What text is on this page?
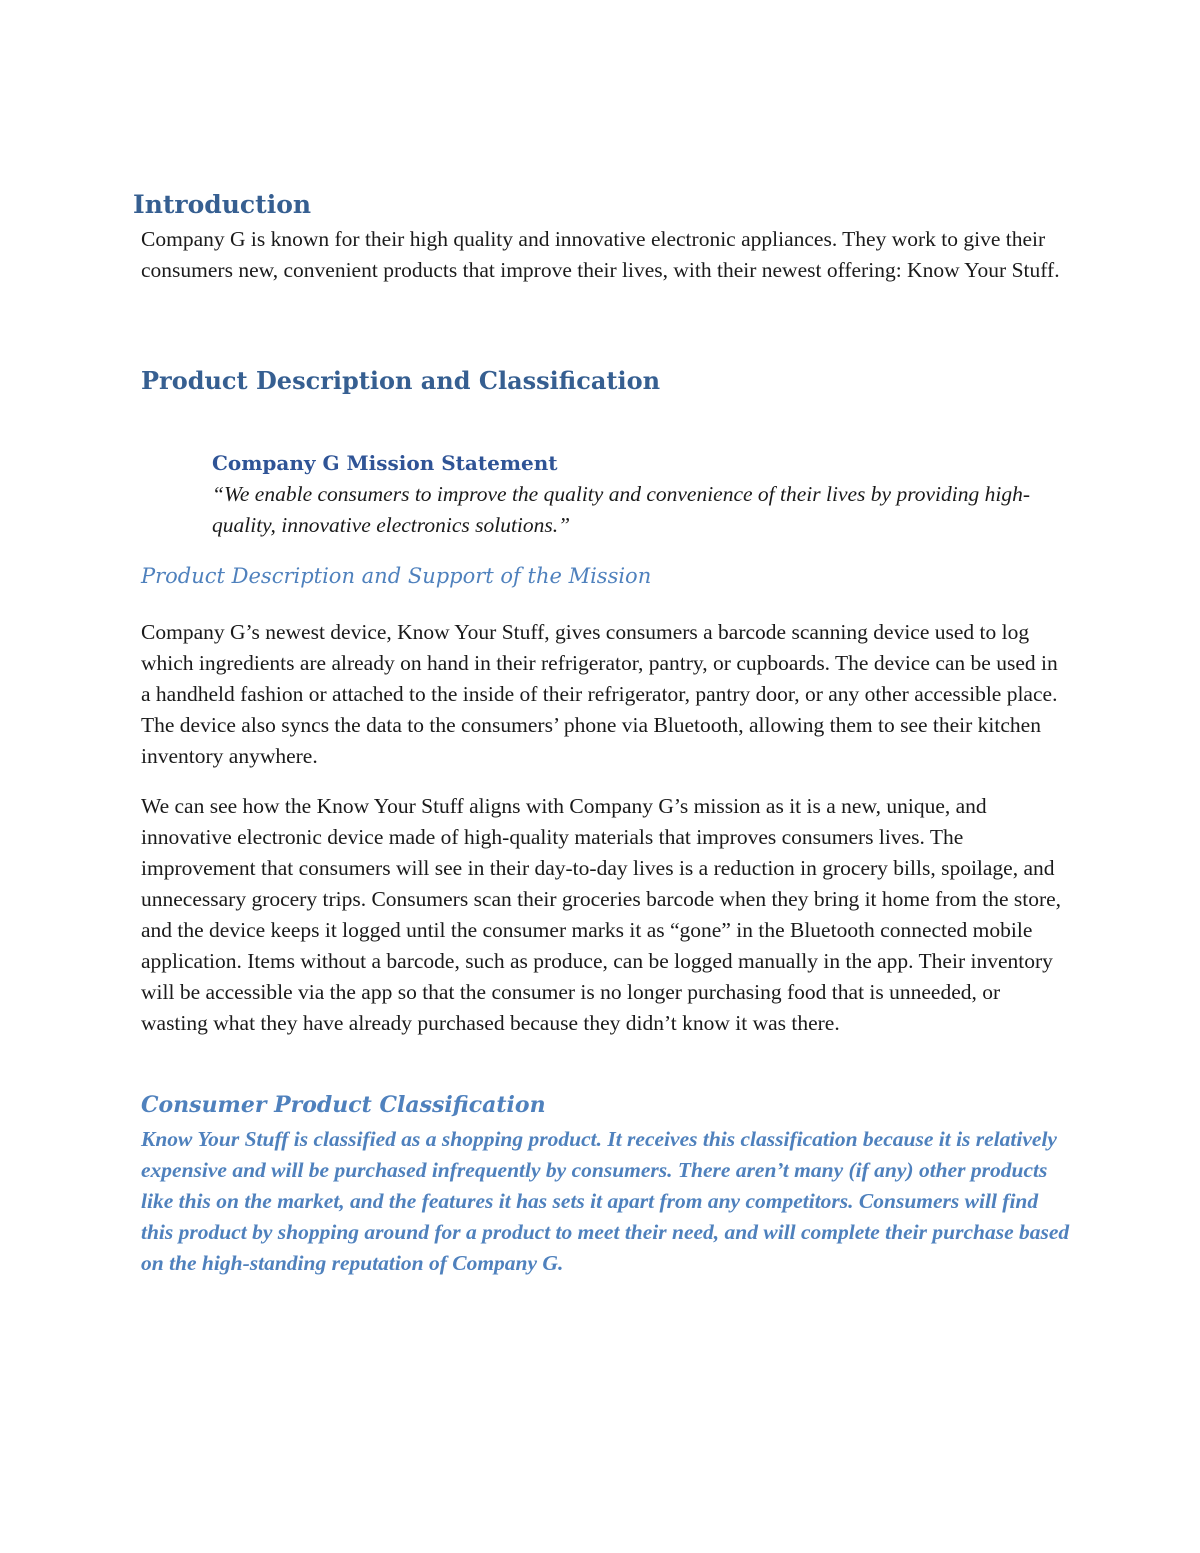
Introduction

Company G is known for their high quality and innovative electronic appliances. They work to give their consumers new, convenient products that improve their lives, with their newest offering: Know Your Stuff.

Product Description and Classification
Company G Mission Statement

“We enable consumers to improve the quality and convenience of their lives by providing high-quality, innovative electronics solutions.”

Product Description and Support of the Mission

Company G’s newest device, Know Your Stuff, gives consumers a barcode scanning device used to log which ingredients are already on hand in their refrigerator, pantry, or cupboards. The device can be used in a handheld fashion or attached to the inside of their refrigerator, pantry door, or any other accessible place. The device also syncs the data to the consumers’ phone via Bluetooth, allowing them to see their kitchen inventory anywhere.

We can see how the Know Your Stuff aligns with Company G’s mission as it is a new, unique, and innovative electronic device made of high-quality materials that improves consumers lives. The improvement that consumers will see in their day-to-day lives is a reduction in grocery bills, spoilage, and unnecessary grocery trips. Consumers scan their groceries barcode when they bring it home from the store, and the device keeps it logged until the consumer marks it as “gone” in the Bluetooth connected mobile application. Items without a barcode, such as produce, can be logged manually in the app. Their inventory will be accessible via the app so that the consumer is no longer purchasing food that is unneeded, or wasting what they have already purchased because they didn’t know it was there.

Consumer Product Classification

Know Your Stuff is classified as a shopping product. It receives this classification because it is relatively expensive and will be purchased infrequently by consumers. There aren’t many (if any) other products like this on the market, and the features it has sets it apart from any competitors. Consumers will find this product by shopping around for a product to meet their need, and will complete their purchase based on the high-standing reputation of Company G.
